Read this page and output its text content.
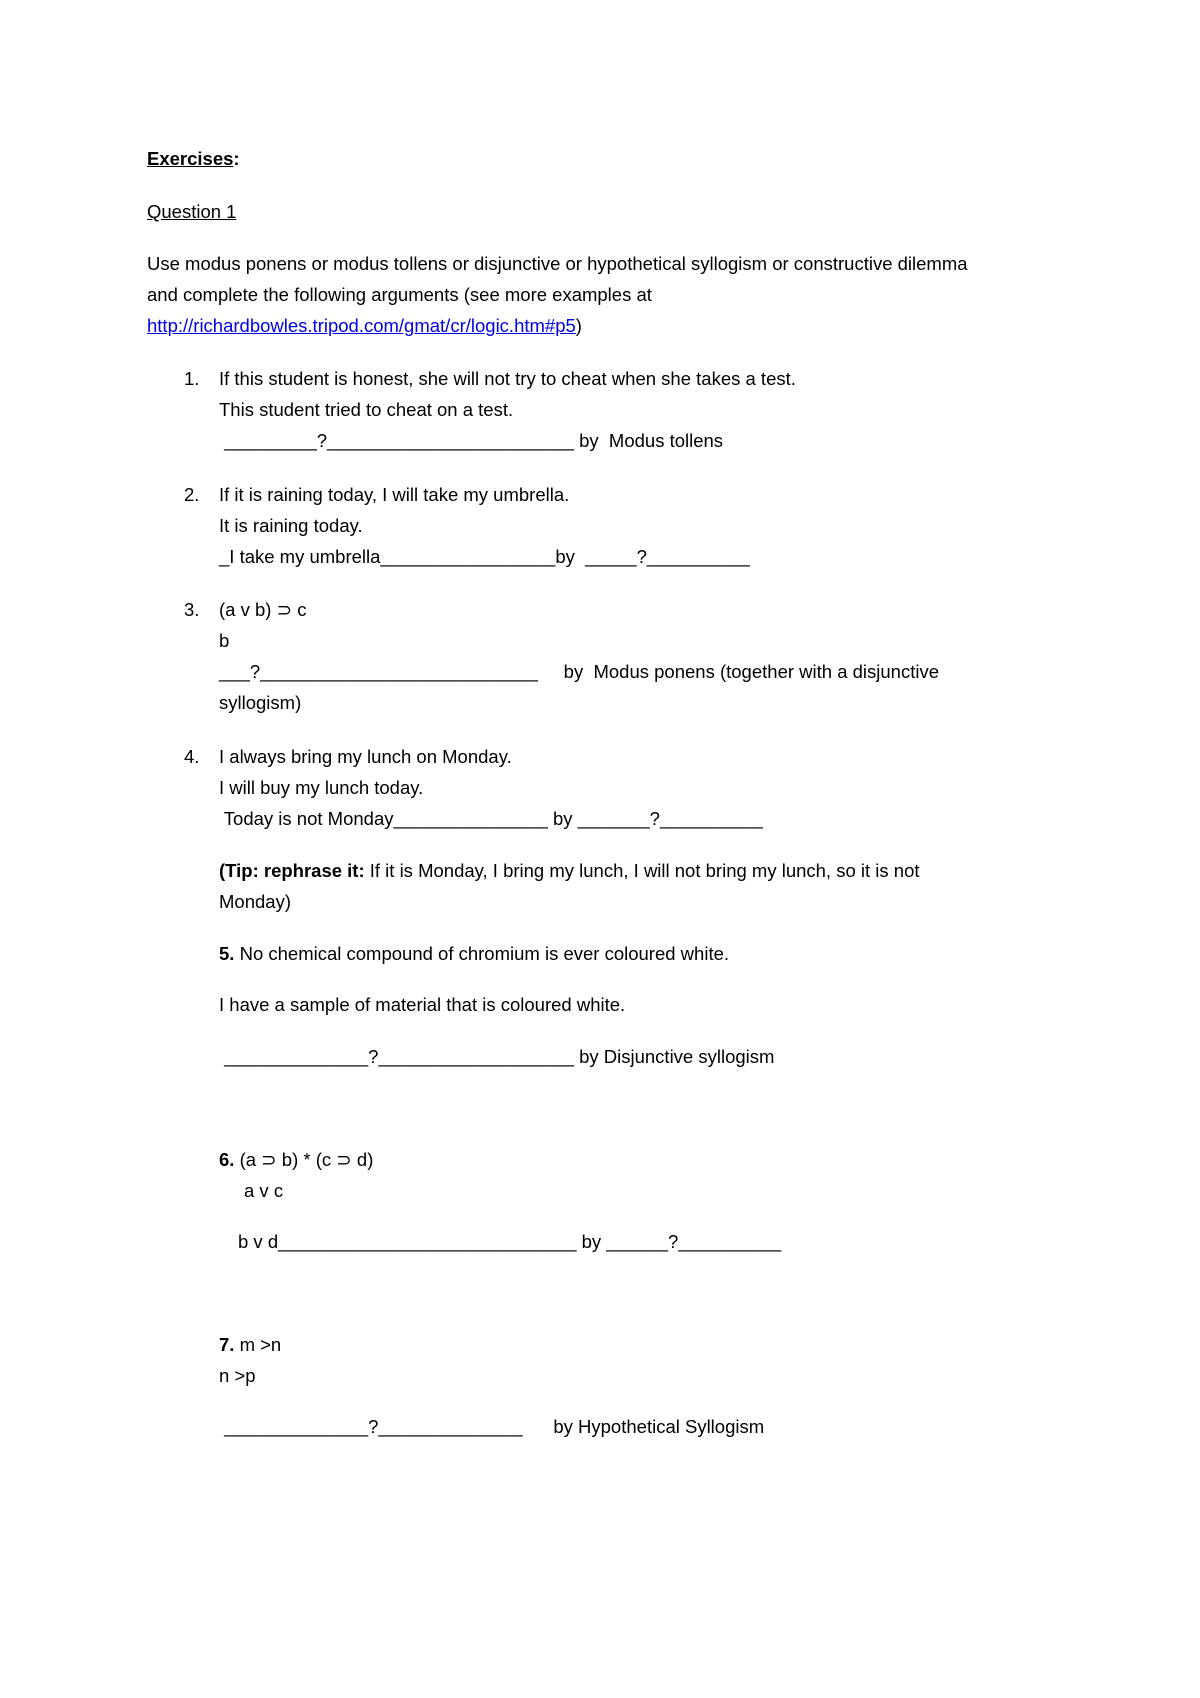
Exercises:
Question 1
Use modus ponens or modus tollens or disjunctive or hypothetical syllogism or constructive dilemma
and complete the following arguments (see more examples at
http://richardbowles.tripod.com/gmat/cr/logic.htm#p5)
1. If this student is honest, she will not try to cheat when she takes a test.
This student tried to cheat on a test.
_________?________________________ by  Modus tollens
2. If it is raining today, I will take my umbrella.
It is raining today.
_I take my umbrella_________________by  _____?__________
3. (a v b) ⊃ c
b
___?___________________________     by  Modus ponens (together with a disjunctive
syllogism)
4. I always bring my lunch on Monday.
I will buy my lunch today.
Today is not Monday_______________ by _______?__________
(Tip: rephrase it: If it is Monday, I bring my lunch, I will not bring my lunch, so it is not
Monday)
5. No chemical compound of chromium is ever coloured white.
I have a sample of material that is coloured white.
______________?___________________ by Disjunctive syllogism
6. (a ⊃ b) * (c ⊃ d)
a v c
b v d_____________________________ by ______?__________
7. m >n
n >p
______________?______________      by Hypothetical Syllogism
